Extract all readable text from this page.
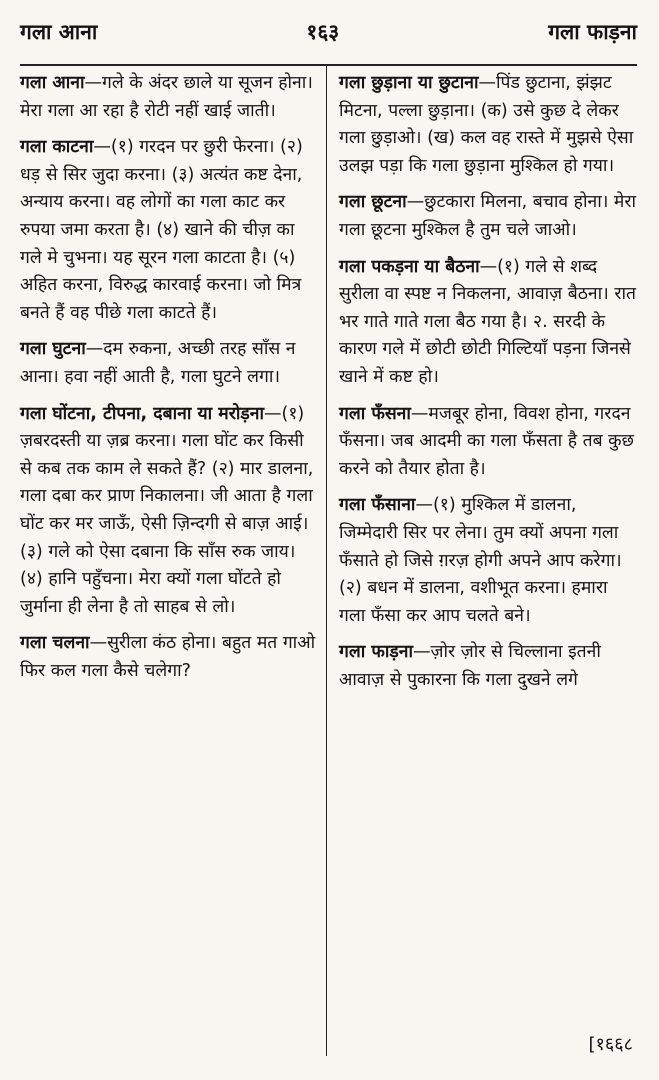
गला आना	१६३	गला फाड़ना

गला आना—गले के अंदर छाले या सूजन होना। मेरा गला आ रहा है रोटी नहीं खाई जाती।

गला काटना—(१) गरदन पर छुरी फेरना। (२) धड़ से सिर जुदा करना। (३) अत्यंत कष्ट देना, अन्याय करना। वह लोगों का गला काट कर रुपया जमा करता है। (४) खाने की चीज़ का गले मे चुभना। यह सूरन गला काटता है। (५) अहित करना, विरुद्ध कारवाई करना। जो मित्र बनते हैं वह पीछे गला काटते हैं।

गला घुटना—दम रुकना, अच्छी तरह साँस न आना। हवा नहीं आती है, गला घुटने लगा।

गला घोंटना, टीपना, दबाना या मरोड़ना—(१) ज़बरदस्ती या ज़ब्र करना। गला घोंट कर किसी से कब तक काम ले सकते हैं? (२) मार डालना, गला दबा कर प्राण निकालना। जी आता है गला घोंट कर मर जाऊँ, ऐसी ज़िन्दगी से बाज़ आई। (३) गले को ऐसा दबाना कि साँस रुक जाय। (४) हानि पहुँचना। मेरा क्यों गला घोंटते हो जुर्माना ही लेना है तो साहब से लो।

गला चलना—सुरीला कंठ होना। बहुत मत गाओ फिर कल गला कैसे चलेगा?

गला छुड़ाना या छुटाना—पिंड छुटाना, झंझट मिटना, पल्ला छुड़ाना। (क) उसे कुछ दे लेकर गला छुड़ाओ। (ख) कल वह रास्ते में मुझसे ऐसा उलझ पड़ा कि गला छुड़ाना मुश्किल हो गया।

गला छूटना—छुटकारा मिलना, बचाव होना। मेरा गला छूटना मुश्किल है तुम चले जाओ।

गला पकड़ना या बैठना—(१) गले से शब्द सुरीला वा स्पष्ट न निकलना, आवाज़ बैठना। रात भर गाते गाते गला बैठ गया है। २. सरदी के कारण गले में छोटी छोटी गिल्टियाँ पड़ना जिनसे खाने में कष्ट हो।

गला फँसना—मजबूर होना, विवश होना, गरदन फँसना। जब आदमी का गला फँसता है तब कुछ करने को तैयार होता है।

गला फँसाना—(१) मुश्किल में डालना, जिम्मेदारी सिर पर लेना। तुम क्यों अपना गला फँसाते हो जिसे ग़रज़ होगी अपने आप करेगा। (२) बधन में डालना, वशीभूत करना। हमारा गला फँसा कर आप चलते बने।

गला फाड़ना—ज़ोर ज़ोर से चिल्लाना इतनी आवाज़ से पुकारना कि गला दुखने लगे

[१६६८
